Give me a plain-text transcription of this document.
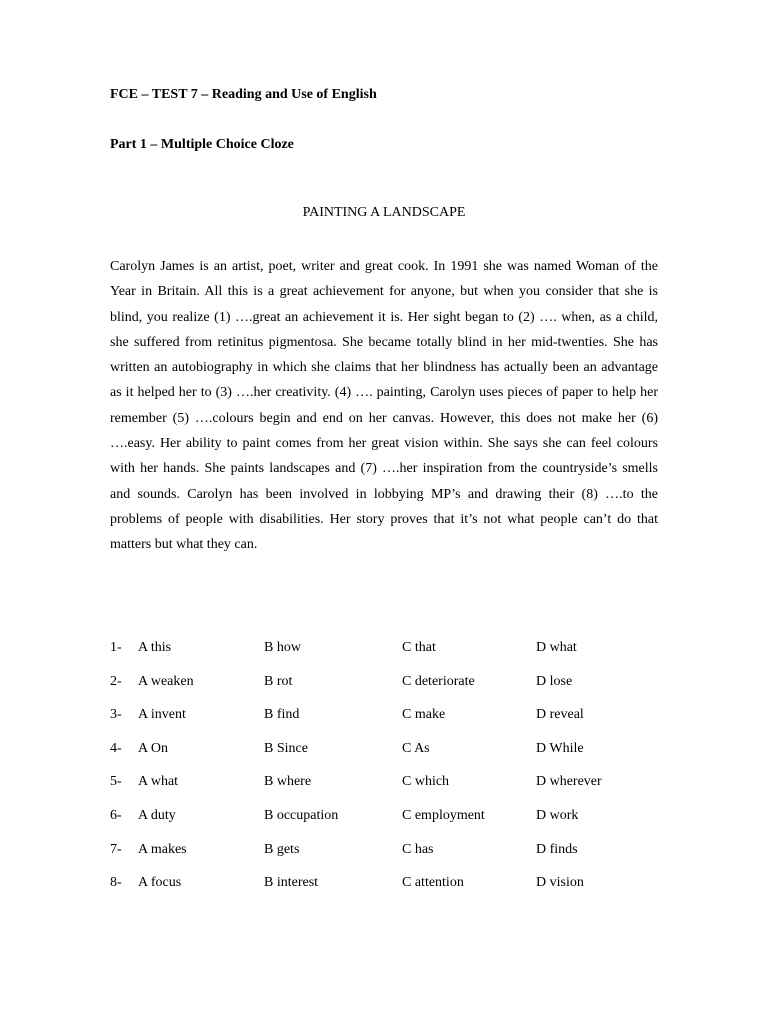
FCE – TEST 7 – Reading and Use of English
Part 1 – Multiple Choice Cloze
PAINTING A LANDSCAPE

Carolyn James is an artist, poet, writer and great cook. In 1991 she was named Woman of the Year in Britain. All this is a great achievement for anyone, but when you consider that she is blind, you realize (1) ….great an achievement it is. Her sight began to (2) …. when, as a child, she suffered from retinitus pigmentosa. She became totally blind in her mid-twenties. She has written an autobiography in which she claims that her blindness has actually been an advantage as it helped her to (3) ….her creativity. (4) …. painting, Carolyn uses pieces of paper to help her remember (5) ….colours begin and end on her canvas. However, this does not make her (6) ….easy. Her ability to paint comes from her great vision within. She says she can feel colours with her hands. She paints landscapes and (7) ….her inspiration from the countryside’s smells and sounds. Carolyn has been involved in lobbying MP’s and drawing their (8) ….to the problems of people with disabilities. Her story proves that it’s not what people can’t do that matters but what they can.

1- A this	B how	C that	D what
2- A weaken	B rot	C deteriorate	D lose
3- A invent	B find	C make	D reveal
4- A On	B Since	C As	D While
5- A what	B where	C which	D wherever
6- A duty	B occupation	C employment	D work
7- A makes	B gets	C has	D finds
8- A focus	B interest	C attention	D vision
